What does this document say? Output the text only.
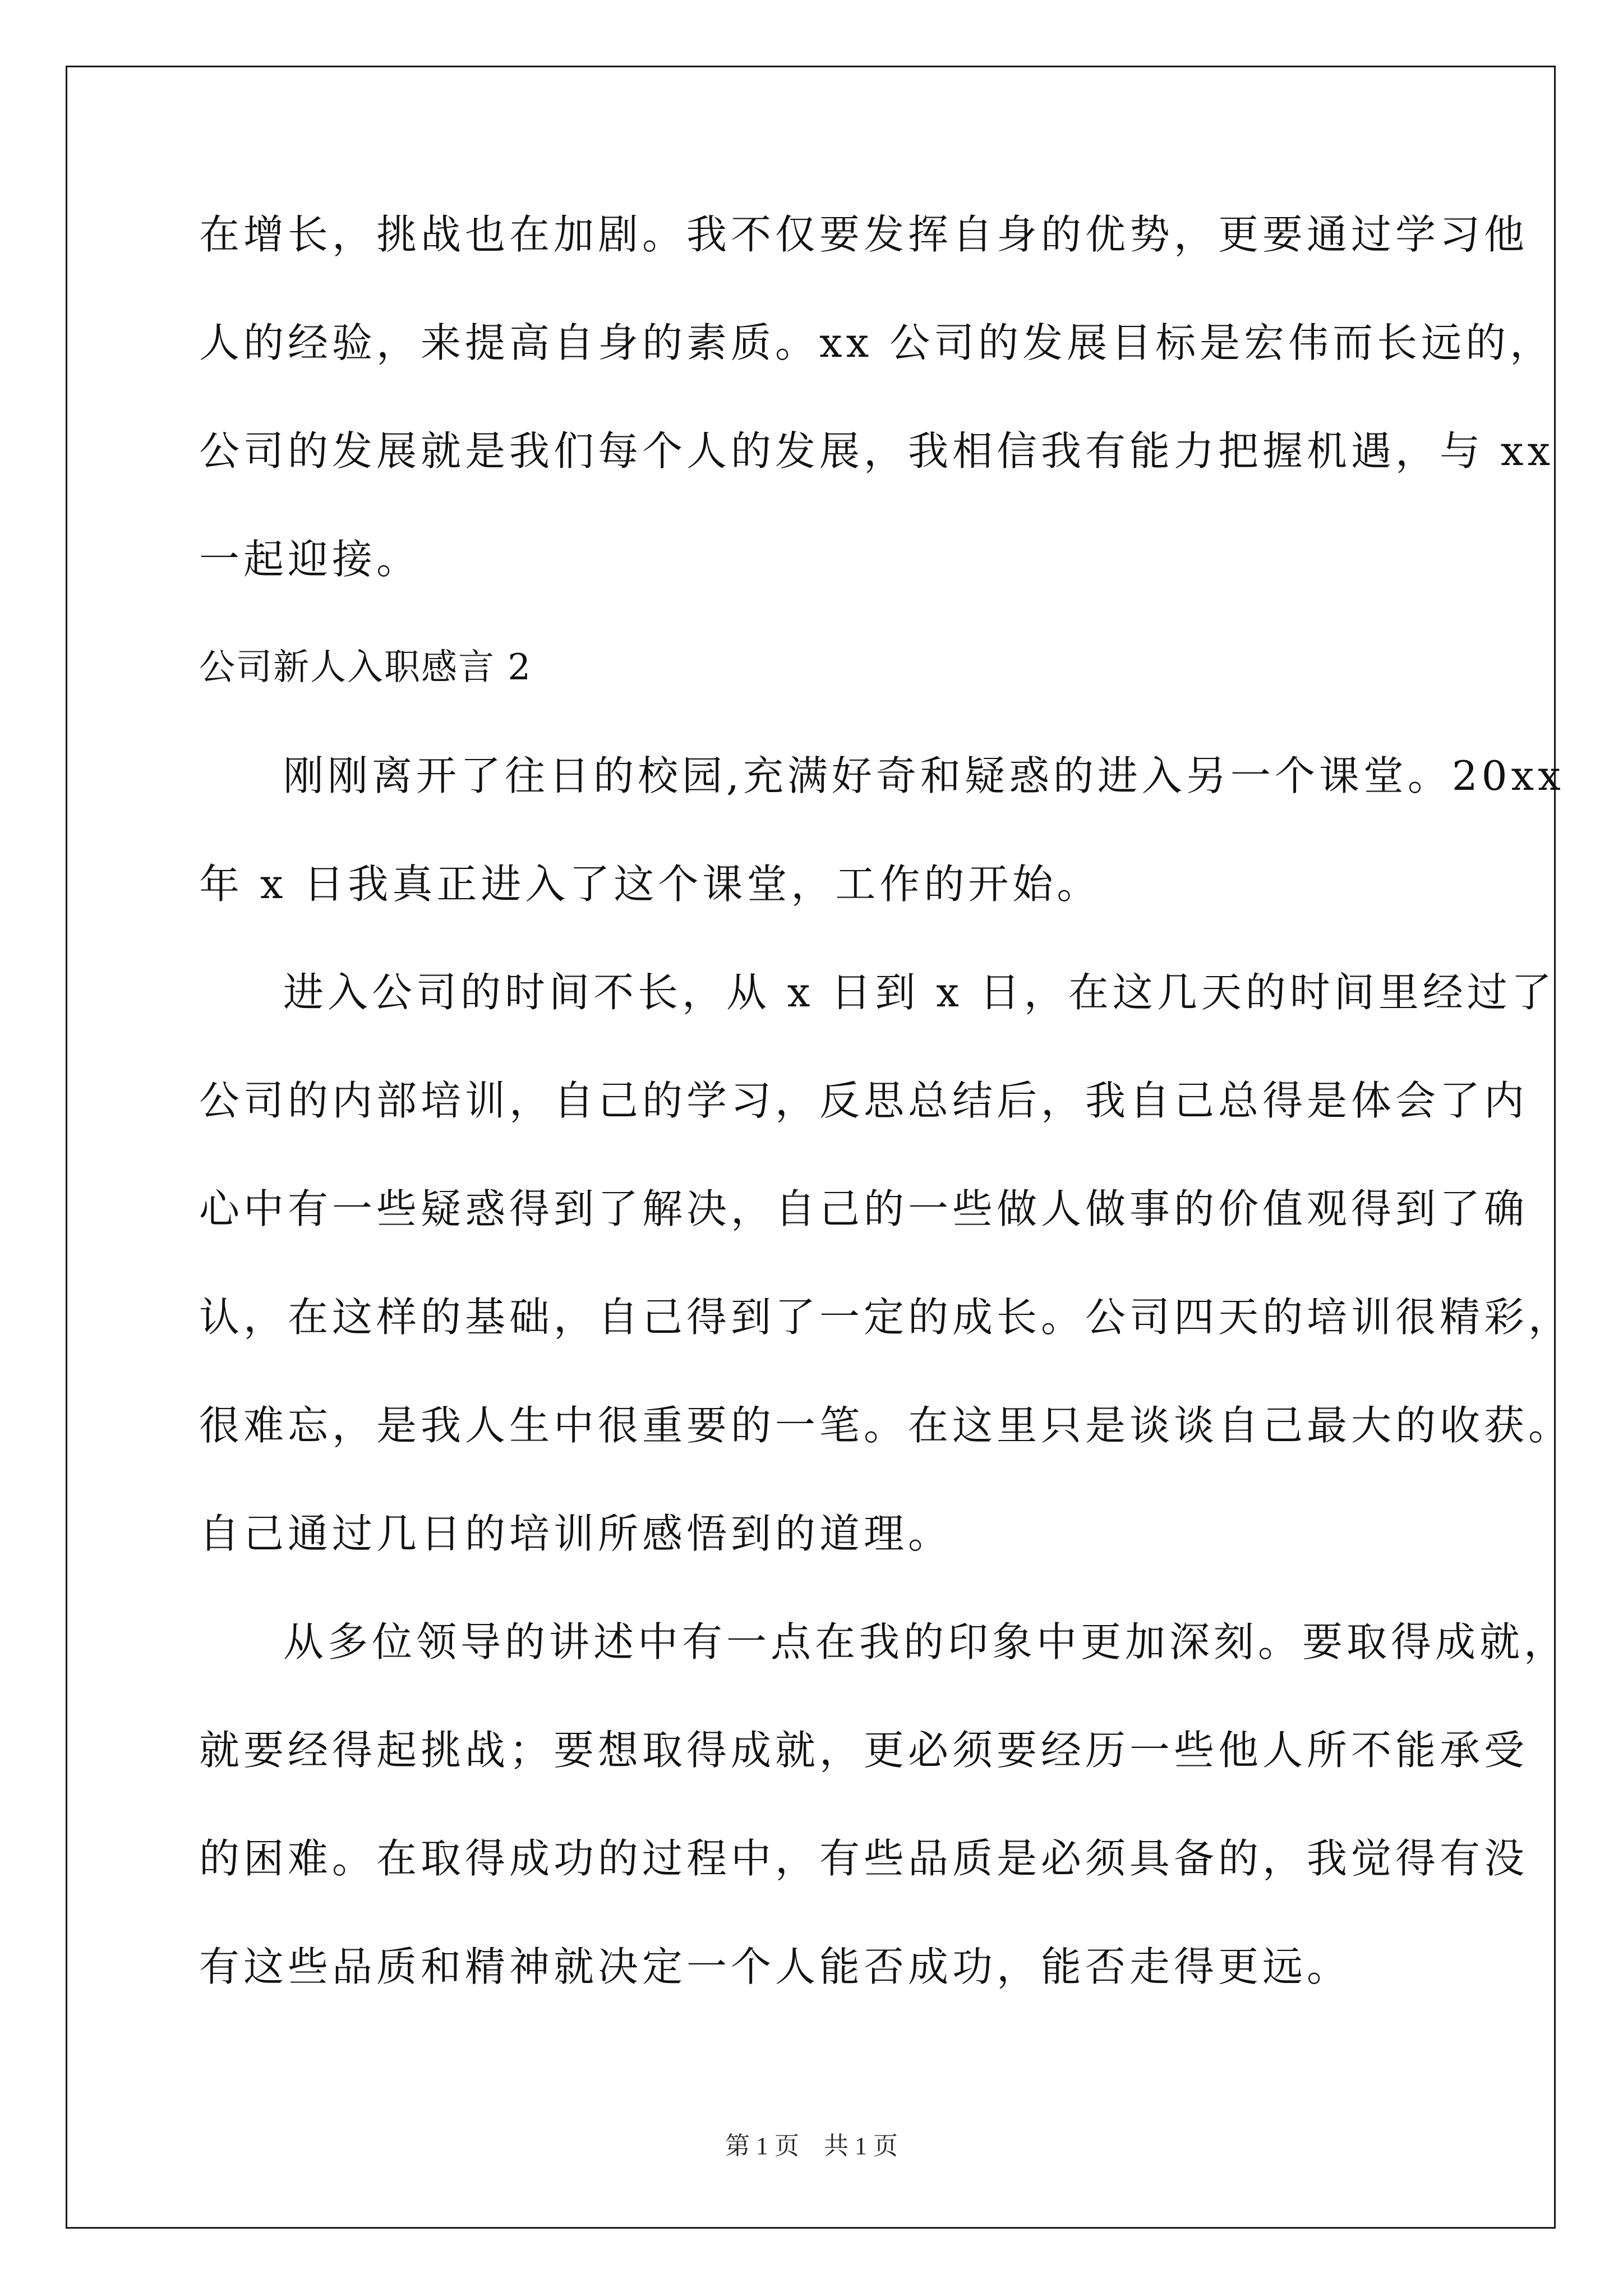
在增长，挑战也在加剧。我不仅要发挥自身的优势，更要通过学习他
人的经验，来提高自身的素质。xx 公司的发展目标是宏伟而长远的，
公司的发展就是我们每个人的发展，我相信我有能力把握机遇，与 xx
一起迎接。
公司新人入职感言 2
刚刚离开了往日的校园,充满好奇和疑惑的进入另一个课堂。20xx
年 x 日我真正进入了这个课堂，工作的开始。
进入公司的时间不长，从 x 日到 x 日，在这几天的时间里经过了
公司的内部培训，自己的学习，反思总结后，我自己总得是体会了内
心中有一些疑惑得到了解决，自己的一些做人做事的价值观得到了确
认，在这样的基础，自己得到了一定的成长。公司四天的培训很精彩，
很难忘，是我人生中很重要的一笔。在这里只是谈谈自己最大的收获。
自己通过几日的培训所感悟到的道理。
从多位领导的讲述中有一点在我的印象中更加深刻。要取得成就，
就要经得起挑战；要想取得成就，更必须要经历一些他人所不能承受
的困难。在取得成功的过程中，有些品质是必须具备的，我觉得有没
有这些品质和精神就决定一个人能否成功，能否走得更远。
第 1 页　共 1 页
